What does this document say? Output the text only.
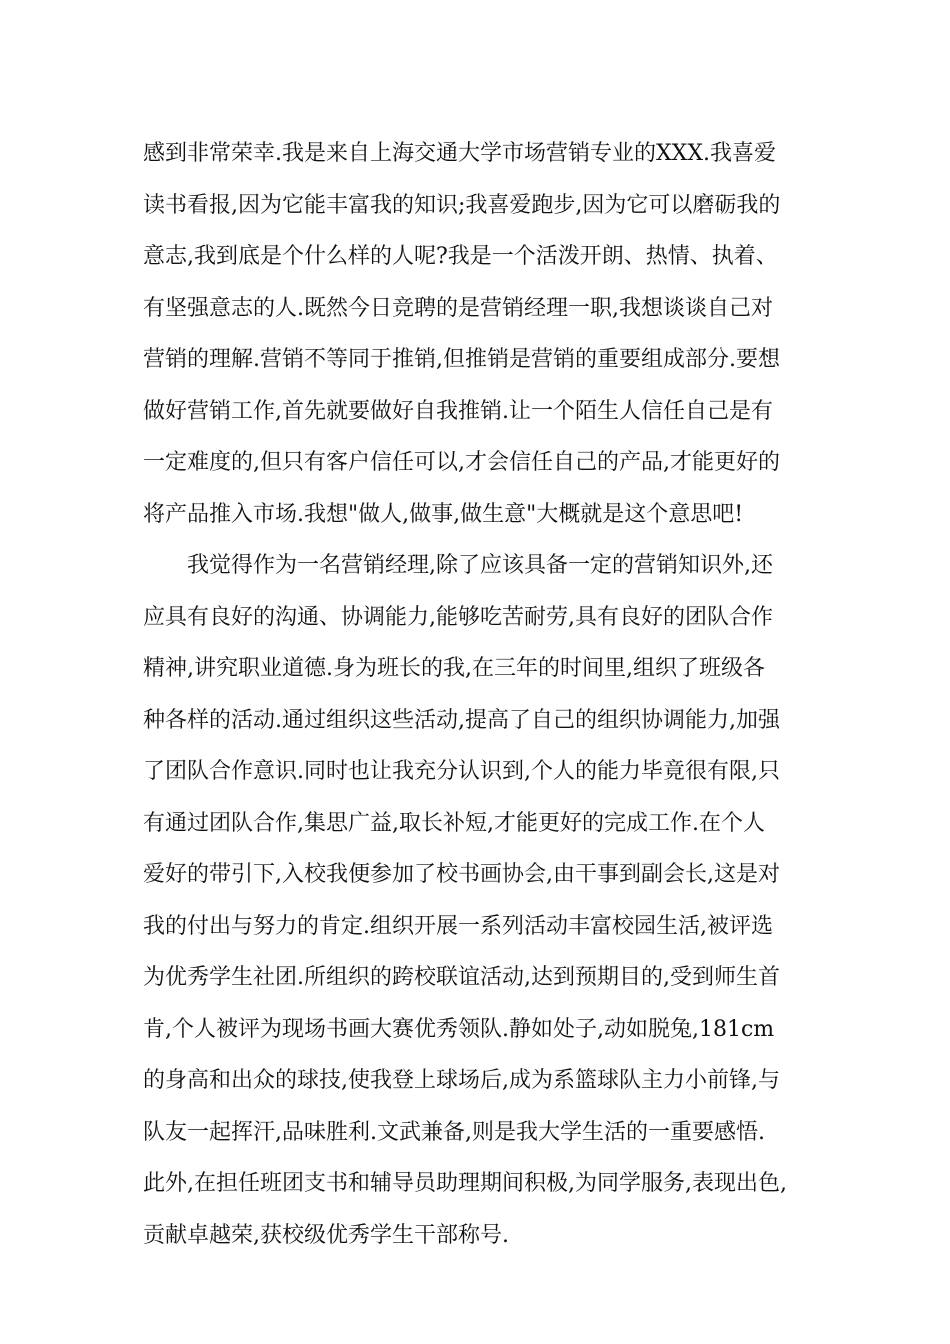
感到非常荣幸.我是来自上海交通大学市场营销专业的XXX.我喜爱
读书看报,因为它能丰富我的知识;我喜爱跑步,因为它可以磨砺我的
意志,我到底是个什么样的人呢?我是一个活泼开朗、热情、执着、
有坚强意志的人.既然今日竞聘的是营销经理一职,我想谈谈自己对
营销的理解.营销不等同于推销,但推销是营销的重要组成部分.要想
做好营销工作,首先就要做好自我推销.让一个陌生人信任自己是有
一定难度的,但只有客户信任可以,才会信任自己的产品,才能更好的
将产品推入市场.我想"做人,做事,做生意"大概就是这个意思吧!
　　我觉得作为一名营销经理,除了应该具备一定的营销知识外,还
应具有良好的沟通、协调能力,能够吃苦耐劳,具有良好的团队合作
精神,讲究职业道德.身为班长的我,在三年的时间里,组织了班级各
种各样的活动.通过组织这些活动,提高了自己的组织协调能力,加强
了团队合作意识.同时也让我充分认识到,个人的能力毕竟很有限,只
有通过团队合作,集思广益,取长补短,才能更好的完成工作.在个人
爱好的带引下,入校我便参加了校书画协会,由干事到副会长,这是对
我的付出与努力的肯定.组织开展一系列活动丰富校园生活,被评选
为优秀学生社团.所组织的跨校联谊活动,达到预期目的,受到师生首
肯,个人被评为现场书画大赛优秀领队.静如处子,动如脱兔,181cm
的身高和出众的球技,使我登上球场后,成为系篮球队主力小前锋,与
队友一起挥汗,品味胜利.文武兼备,则是我大学生活的一重要感悟.
此外,在担任班团支书和辅导员助理期间积极,为同学服务,表现出色,
贡献卓越荣,获校级优秀学生干部称号.
